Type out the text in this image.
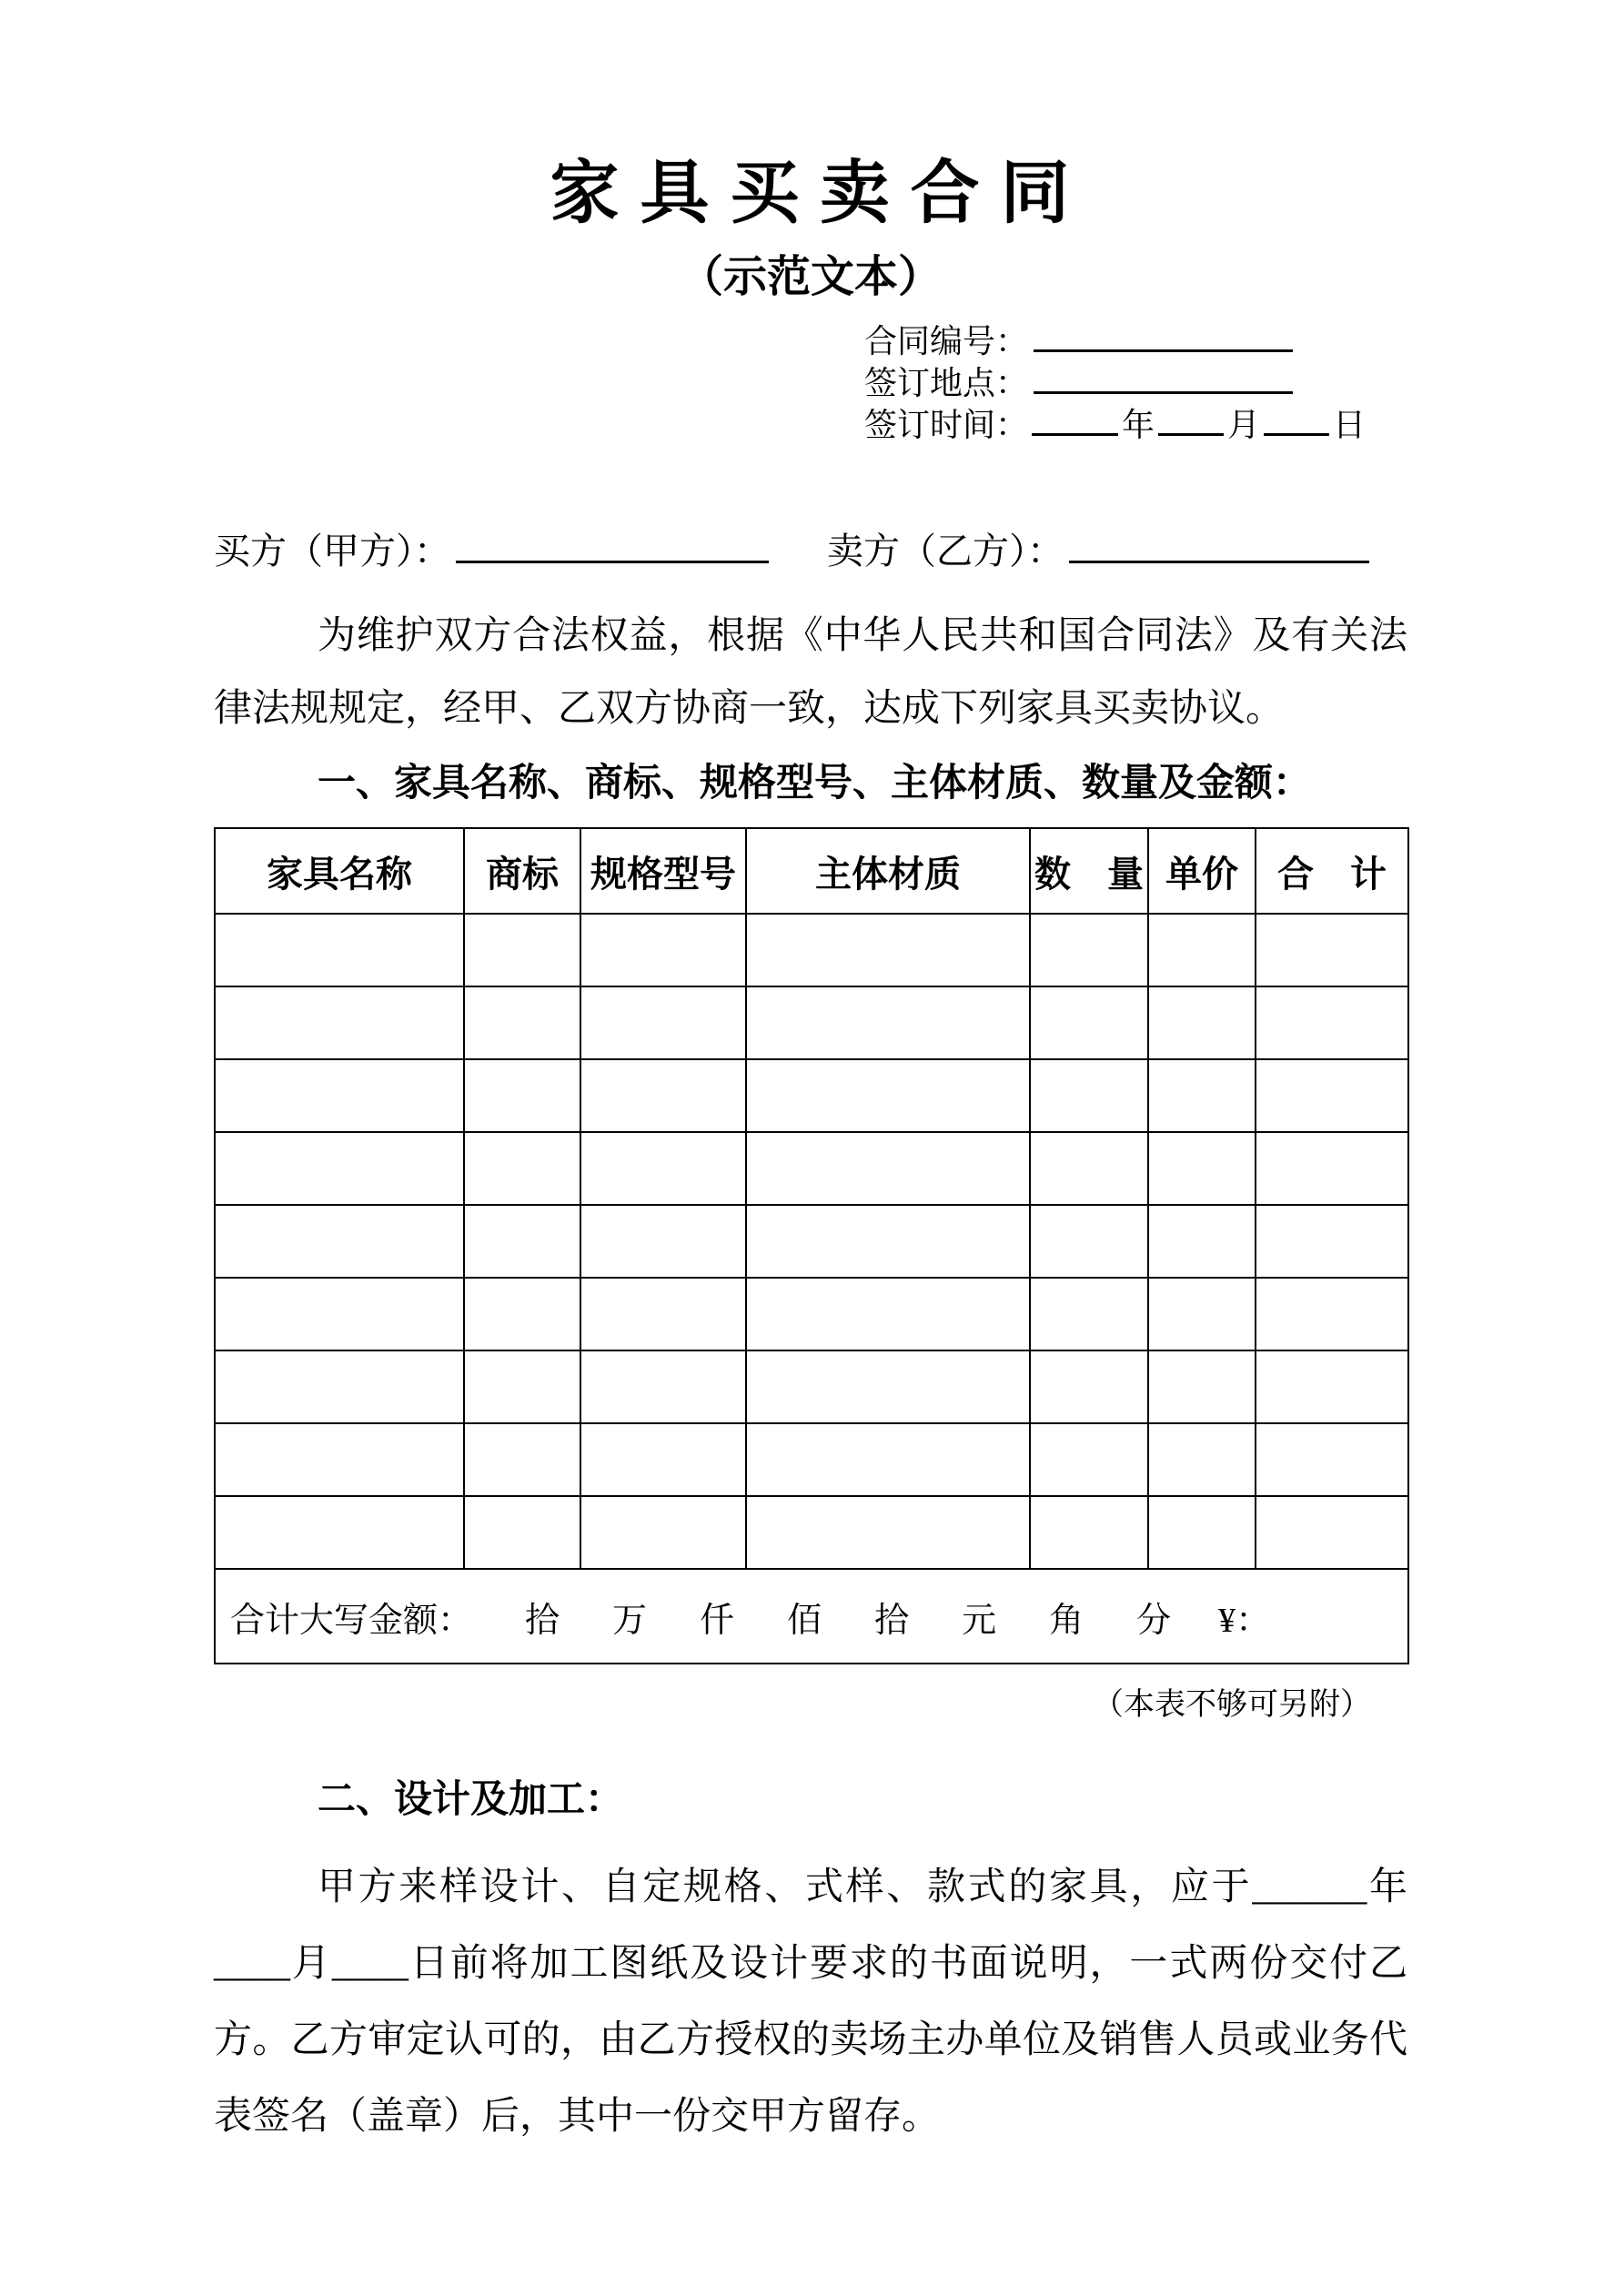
家 具 买 卖 合 同
（示范文本）
合同编号：
签订地点：
签订时间：	年 月 日
买方（甲方）：	卖方（乙方）：

为维护双方合法权益，根据《中华人民共和国合同法》及有关法律法规规定，经甲、乙双方协商一致，达成下列家具买卖协议。

一、家具名称、商标、规格型号、主体材质、数量及金额：
家具名称	商标	规格型号	主体材质	数　量	单价	合　计

合计大写金额： 拾 万 仟 佰 拾 元 角 分 ¥：
（本表不够可另附）
二、设计及加工：

甲方来样设计、自定规格、式样、款式的家具，应于______年____月____日前将加工图纸及设计要求的书面说明，一式两份交付乙方。乙方审定认可的，由乙方授权的卖场主办单位及销售人员或业务代表签名（盖章）后，其中一份交甲方留存。
